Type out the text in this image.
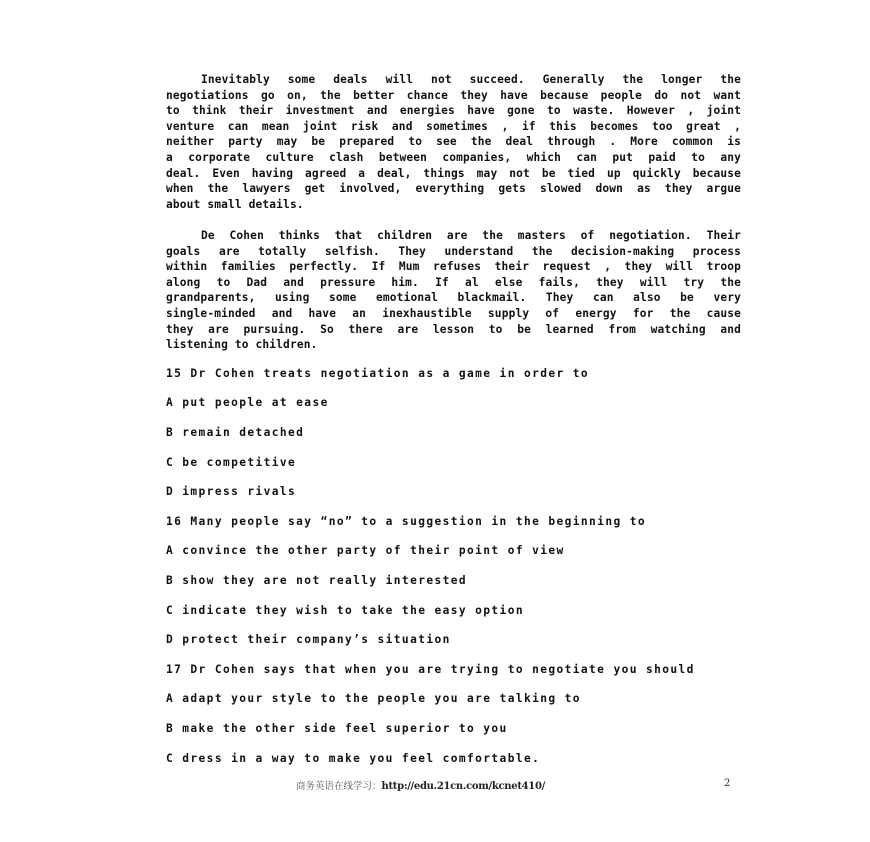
Inevitably some deals will not succeed. Generally the longer the
negotiations go on, the better chance they have because people do not want
to think their investment and energies have gone to waste. However , joint
venture can mean joint risk and sometimes , if this becomes too great ,
neither party may be prepared to see the deal through . More common is
a corporate culture clash between companies, which can put paid to any
deal. Even having agreed a deal, things may not be tied up quickly because
when the lawyers get involved, everything gets slowed down as they argue
about small details.
De Cohen thinks that children are the masters of negotiation. Their
goals are totally selfish. They understand the decision-making process
within families perfectly. If Mum refuses their request , they will troop
along to Dad and pressure him. If al else fails, they will try the
grandparents, using some emotional blackmail. They can also be very
single-minded and have an inexhaustible supply of energy for the cause
they are pursuing. So there are lesson to be learned from watching and
listening to children.
15 Dr Cohen treats negotiation as a game in order to
A put people at ease
B remain detached
C be competitive
D impress rivals
16 Many people say “no” to a suggestion in the beginning to
A convince the other party of their point of view
B show they are not really interested
C indicate they wish to take the easy option
D protect their company’s situation
17 Dr Cohen says that when you are trying to negotiate you should
A adapt your style to the people you are talking to
B make the other side feel superior to you
C dress in a way to make you feel comfortable.
商务英语在线学习：http://edu.21cn.com/kcnet410/	2
